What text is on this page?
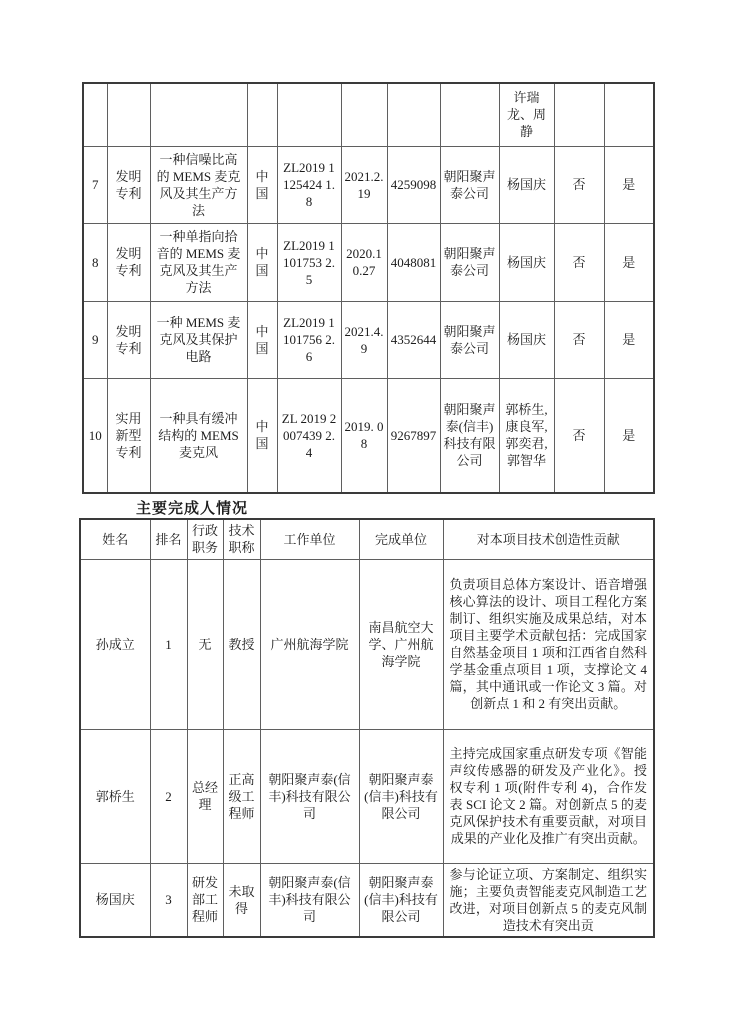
								许瑞龙、周静		
7	发明专利	一种信噪比高的 MEMS 麦克风及其生产方法	中国	ZL2019 1 125424 1.8	2021.2.19	4259098	朝阳聚声泰公司	杨国庆	否	是
8	发明专利	一种单指向拾音的 MEMS 麦克风及其生产方法	中国	ZL2019 1 101753 2.5	2020.10.27	4048081	朝阳聚声泰公司	杨国庆	否	是
9	发明专利	一种 MEMS 麦克风及其保护电路	中国	ZL2019 1 101756 2.6	2021.4.9	4352644	朝阳聚声泰公司	杨国庆	否	是
10	实用新型专利	一种具有缓冲结构的 MEMS 麦克风	中国	ZL 2019 2 007439 2.4	2019. 08	9267897	朝阳聚声泰(信丰)科技有限公司	郭桥生,康良军,郭奕君,郭智华	否	是
主要完成人情况
姓名	排名	行政职务	技术职称	工作单位	完成单位	对本项目技术创造性贡献
孙成立	1	无	教授	广州航海学院	南昌航空大学、广州航海学院	负责项目总体方案设计、语音增强核心算法的设计、项目工程化方案制订、组织实施及成果总结，对本项目主要学术贡献包括：完成国家自然基金项目 1 项和江西省自然科学基金重点项目 1 项，支撑论文 4 篇，其中通讯或一作论文 3 篇。对创新点 1 和 2 有突出贡献。
郭桥生	2	总经理	正高级工程师	朝阳聚声泰(信丰)科技有限公司	朝阳聚声泰(信丰)科技有限公司	主持完成国家重点研发专项《智能声纹传感器的研发及产业化》。授权专利 1 项(附件专利 4)，合作发表 SCI 论文 2 篇。对创新点 5 的麦克风保护技术有重要贡献，对项目成果的产业化及推广有突出贡献。
杨国庆	3	研发部工程师	未取得	朝阳聚声泰(信丰)科技有限公司	朝阳聚声泰(信丰)科技有限公司	参与论证立项、方案制定、组织实施；主要负责智能麦克风制造工艺改进，对项目创新点 5 的麦克风制造技术有突出贡
